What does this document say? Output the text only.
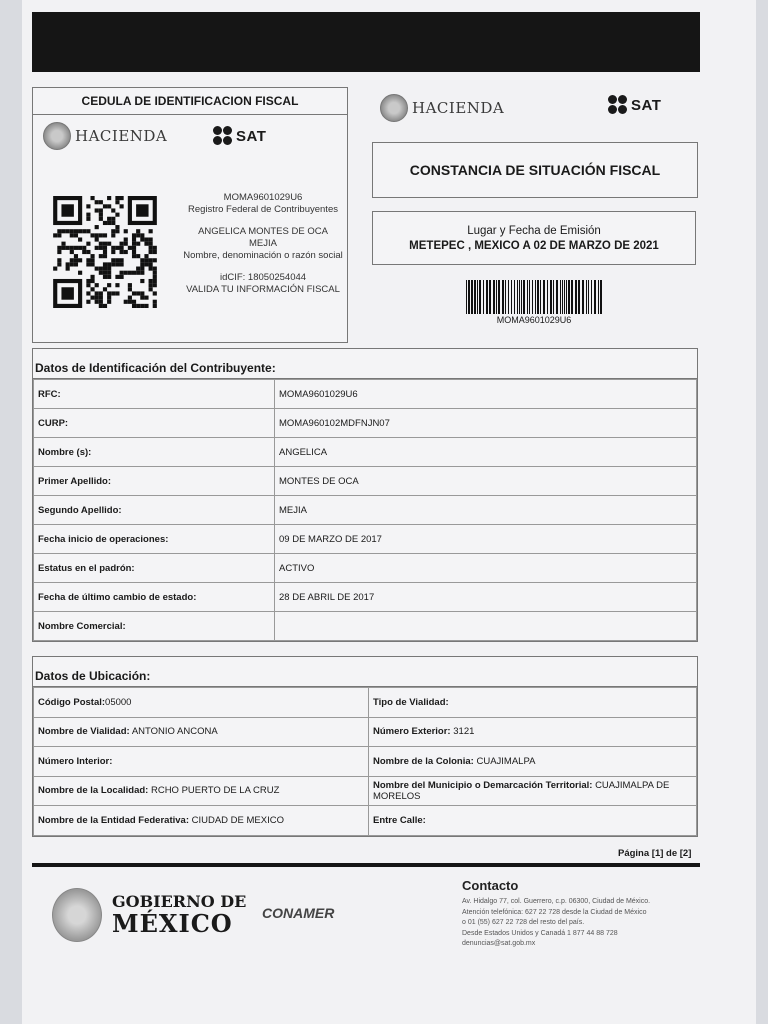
CEDULA DE IDENTIFICACION FISCAL
HACIENDA	SAT
MOMA9601029U6
Registro Federal de Contribuyentes
ANGELICA MONTES DE OCA
MEJIA
Nombre, denominación o razón social
idCIF: 18050254044
VALIDA TU INFORMACIÓN FISCAL
HACIENDA	SAT
CONSTANCIA DE SITUACIÓN FISCAL
Lugar y Fecha de Emisión
METEPEC , MEXICO A 02 DE MARZO DE 2021
MOMA9601029U6
Datos de Identificación del Contribuyente:
RFC:	MOMA9601029U6
CURP:	MOMA960102MDFNJN07
Nombre (s):	ANGELICA
Primer Apellido:	MONTES DE OCA
Segundo Apellido:	MEJIA
Fecha inicio de operaciones:	09 DE MARZO DE 2017
Estatus en el padrón:	ACTIVO
Fecha de último cambio de estado:	28 DE ABRIL DE 2017
Nombre Comercial:	
Datos de Ubicación:
Código Postal:05000	Tipo de Vialidad:
Nombre de Vialidad: ANTONIO ANCONA	Número Exterior: 3121
Número Interior:	Nombre de la Colonia: CUAJIMALPA
Nombre de la Localidad: RCHO PUERTO DE LA CRUZ	Nombre del Municipio o Demarcación Territorial: CUAJIMALPA DE MORELOS
Nombre de la Entidad Federativa: CIUDAD DE MEXICO	Entre Calle:
Página [1] de [2]
GOBIERNO DE
MÉXICO	CONAMER
Contacto
Av. Hidalgo 77, col. Guerrero, c.p. 06300, Ciudad de México.
Atención telefónica: 627 22 728 desde la Ciudad de México
o 01 (55) 627 22 728 del resto del país.
Desde Estados Unidos y Canadá 1 877 44 88 728
denuncias@sat.gob.mx
